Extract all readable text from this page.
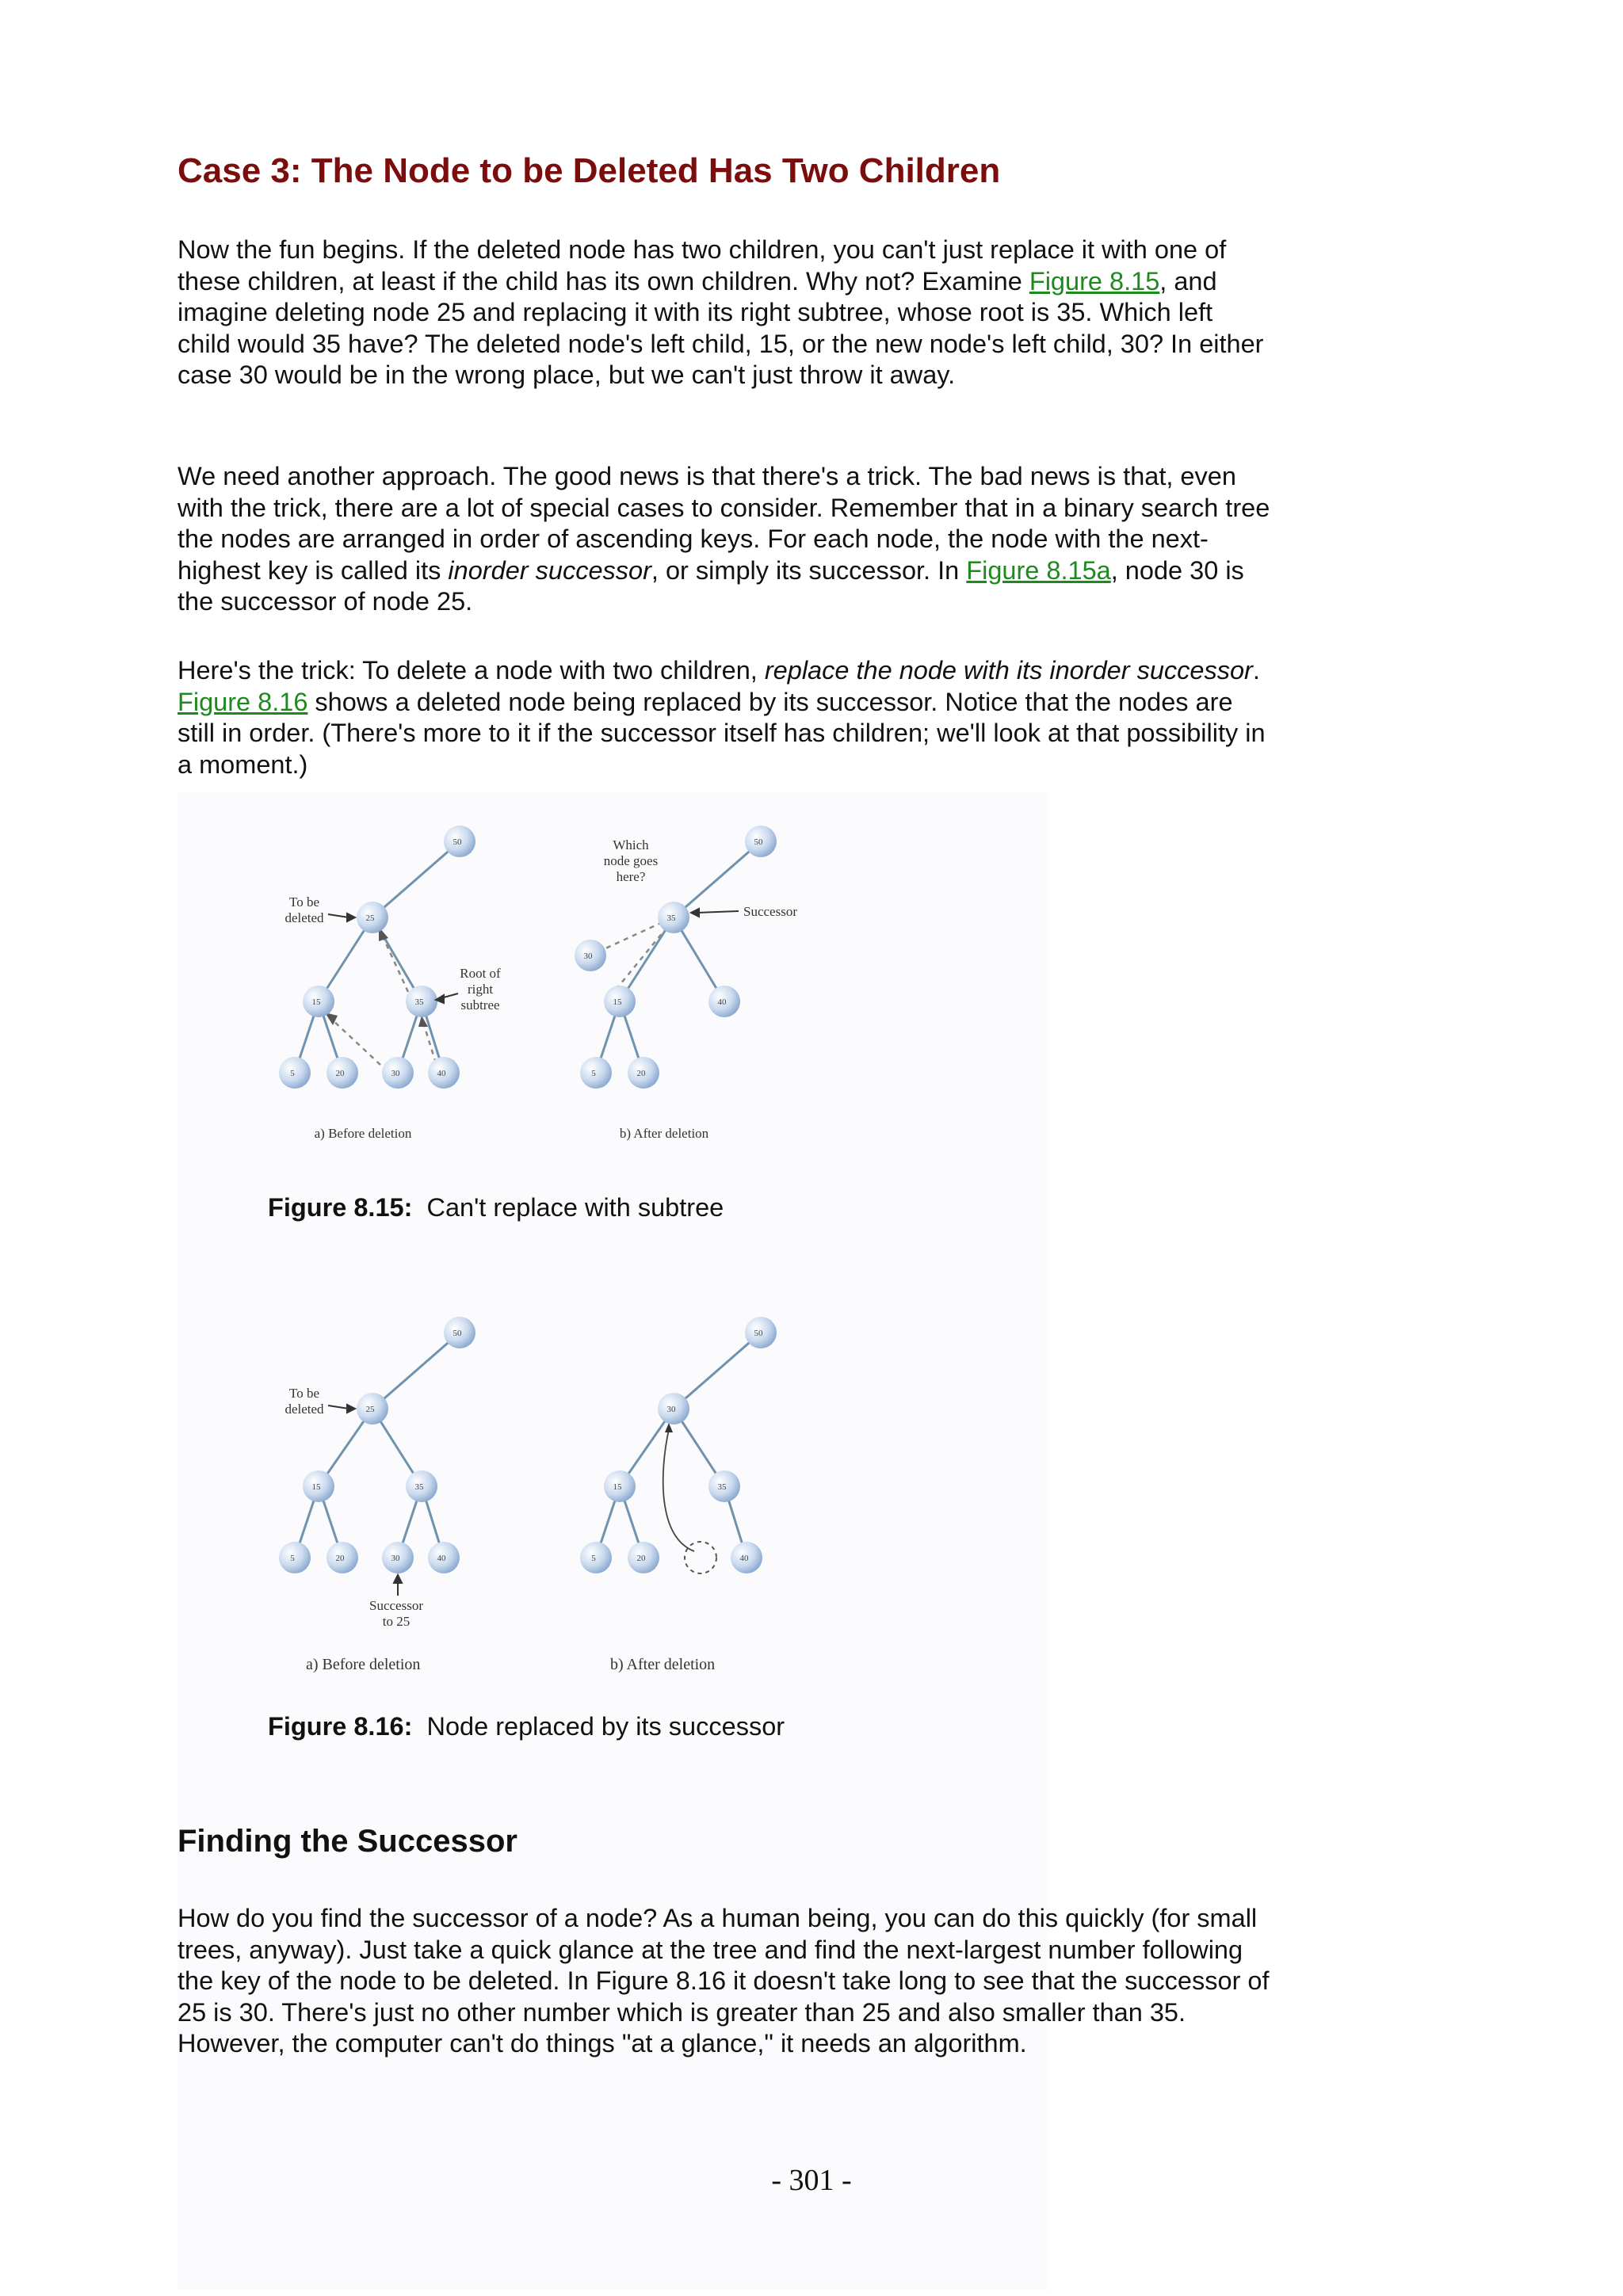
Case 3: The Node to be Deleted Has Two Children

Now the fun begins. If the deleted node has two children, you can't just replace it with one of these children, at least if the child has its own children. Why not? Examine Figure 8.15, and imagine deleting node 25 and replacing it with its right subtree, whose root is 35. Which left child would 35 have? The deleted node's left child, 15, or the new node's left child, 30? In either case 30 would be in the wrong place, but we can't just throw it away.

We need another approach. The good news is that there's a trick. The bad news is that, even with the trick, there are a lot of special cases to consider. Remember that in a binary search tree the nodes are arranged in order of ascending keys. For each node, the node with the next-highest key is called its inorder successor, or simply its successor. In Figure 8.15a, node 30 is the successor of node 25.

Here's the trick: To delete a node with two children, replace the node with its inorder successor. Figure 8.16 shows a deleted node being replaced by its successor. Notice that the nodes are still in order. (There's more to it if the successor itself has children; we'll look at that possibility in a moment.)

50
25
15	35
5	20	30	40
To be
deleted
Root of
right
subtree
a) Before deletion
50
35
30
15	40
5	20
Which
node goes
here?
Successor
b) After deletion

Figure 8.15: Can't replace with subtree

50
25
15	35
5	20	30	40
To be
deleted
Successor
to 25
50
30
15	35
5	20	40
a) Before deletion	b) After deletion

Figure 8.16: Node replaced by its successor

Finding the Successor

How do you find the successor of a node? As a human being, you can do this quickly (for small trees, anyway). Just take a quick glance at the tree and find the next-largest number following the key of the node to be deleted. In Figure 8.16 it doesn't take long to see that the successor of 25 is 30. There's just no other number which is greater than 25 and also smaller than 35. However, the computer can't do things "at a glance," it needs an algorithm.

- 301 -
